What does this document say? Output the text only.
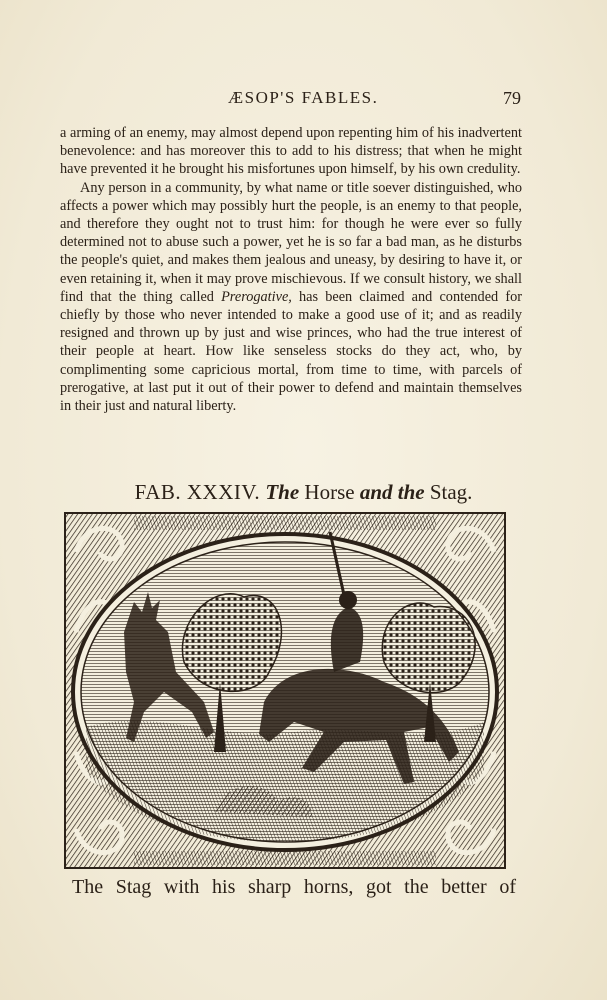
ÆSOP'S FABLES.	79

a arming of an enemy, may almost depend upon repenting him of his inadvertent benevolence: and has moreover this to add to his distress; that when he might have prevented it he brought his misfortunes upon himself, by his own credulity.

Any person in a community, by what name or title soever distinguished, who affects a power which may possibly hurt the people, is an enemy to that people, and therefore they ought not to trust him: for though he were ever so fully determined not to abuse such a power, yet he is so far a bad man, as he disturbs the people's quiet, and makes them jealous and uneasy, by desiring to have it, or even retaining it, when it may prove mischievous. If we consult history, we shall find that the thing called Prerogative, has been claimed and contended for chiefly by those who never intended to make a good use of it; and as readily resigned and thrown up by just and wise princes, who had the true interest of their people at heart. How like senseless stocks do they act, who, by complimenting some capricious mortal, from time to time, with parcels of prerogative, at last put it out of their power to defend and maintain themselves in their just and natural liberty.

FAB. XXXIV. The Horse and the Stag.
The Stag with his sharp horns, got the better of
